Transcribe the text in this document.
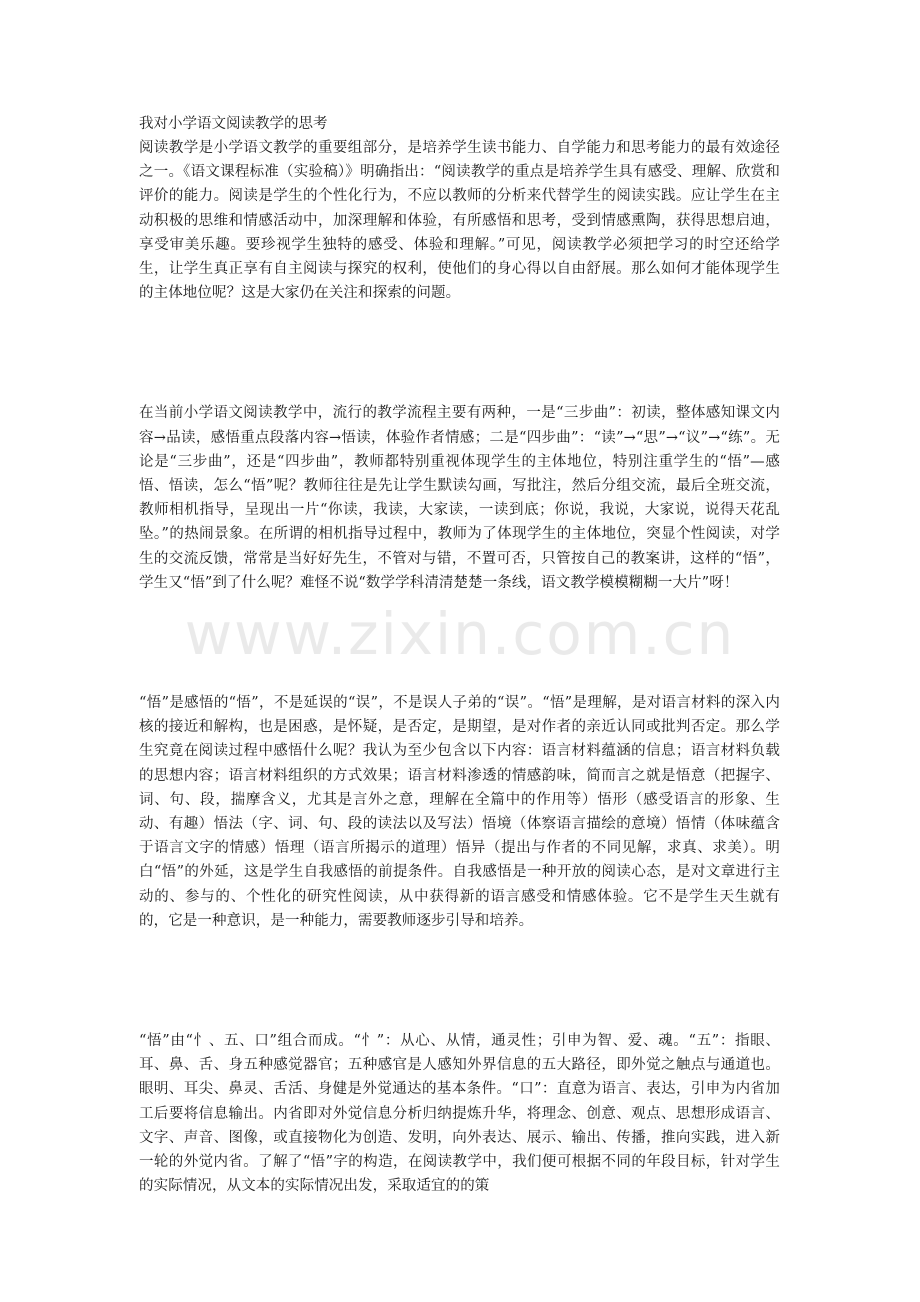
www.zixin.com.cn

我对小学语文阅读教学的思考

阅读教学是小学语文教学的重要组部分，是培养学生读书能力、自学能力和思考能力的最有效途径之一。《语文课程标准（实验稿）》明确指出：“阅读教学的重点是培养学生具有感受、理解、欣赏和评价的能力。阅读是学生的个性化行为，不应以教师的分析来代替学生的阅读实践。应让学生在主动积极的思维和情感活动中，加深理解和体验，有所感悟和思考，受到情感熏陶，获得思想启迪，享受审美乐趣。要珍视学生独特的感受、体验和理解。”可见，阅读教学必须把学习的时空还给学生，让学生真正享有自主阅读与探究的权利，使他们的身心得以自由舒展。那么如何才能体现学生的主体地位呢？这是大家仍在关注和探索的问题。

在当前小学语文阅读教学中，流行的教学流程主要有两种，一是“三步曲”：初读，整体感知课文内容→品读，感悟重点段落内容→悟读，体验作者情感；二是“四步曲”：“读”→“思”→“议”→“练”。无论是“三步曲”，还是“四步曲”，教师都特别重视体现学生的主体地位，特别注重学生的“悟”—感悟、悟读，怎么“悟”呢？教师往往是先让学生默读勾画，写批注，然后分组交流，最后全班交流，教师相机指导，呈现出一片“你读，我读，大家读，一读到底；你说，我说，大家说，说得天花乱坠。”的热闹景象。在所谓的相机指导过程中，教师为了体现学生的主体地位，突显个性阅读，对学生的交流反馈，常常是当好好先生，不管对与错，不置可否，只管按自己的教案讲，这样的“悟”，学生又“悟”到了什么呢？难怪不说“数学学科清清楚楚一条线，语文教学模模糊糊一大片”呀！

“悟”是感悟的“悟”，不是延误的“误”，不是误人子弟的“误”。“悟”是理解，是对语言材料的深入内核的接近和解构，也是困惑，是怀疑，是否定，是期望，是对作者的亲近认同或批判否定。那么学生究竟在阅读过程中感悟什么呢？我认为至少包含以下内容：语言材料蕴涵的信息；语言材料负载的思想内容；语言材料组织的方式效果；语言材料渗透的情感韵味，简而言之就是悟意（把握字、词、句、段，揣摩含义，尤其是言外之意，理解在全篇中的作用等）悟形（感受语言的形象、生动、有趣）悟法（字、词、句、段的读法以及写法）悟境（体察语言描绘的意境）悟情（体味蕴含于语言文字的情感）悟理（语言所揭示的道理）悟异（提出与作者的不同见解，求真、求美）。明白“悟”的外延，这是学生自我感悟的前提条件。自我感悟是一种开放的阅读心态，是对文章进行主动的、参与的、个性化的研究性阅读，从中获得新的语言感受和情感体验。它不是学生天生就有的，它是一种意识，是一种能力，需要教师逐步引导和培养。

“悟”由“忄、五、口”组合而成。“忄”：从心、从情，通灵性；引申为智、爱、魂。“五”：指眼、耳、鼻、舌、身五种感觉器官；五种感官是人感知外界信息的五大路径，即外觉之触点与通道也。眼明、耳尖、鼻灵、舌活、身健是外觉通达的基本条件。“口”：直意为语言、表达，引申为内省加工后要将信息输出。内省即对外觉信息分析归纳提炼升华，将理念、创意、观点、思想形成语言、文字、声音、图像，或直接物化为创造、发明，向外表达、展示、输出、传播，推向实践，进入新一轮的外觉内省。了解了“悟”字的构造，在阅读教学中，我们便可根据不同的年段目标，针对学生的实际情况，从文本的实际情况出发，采取适宜的的策
